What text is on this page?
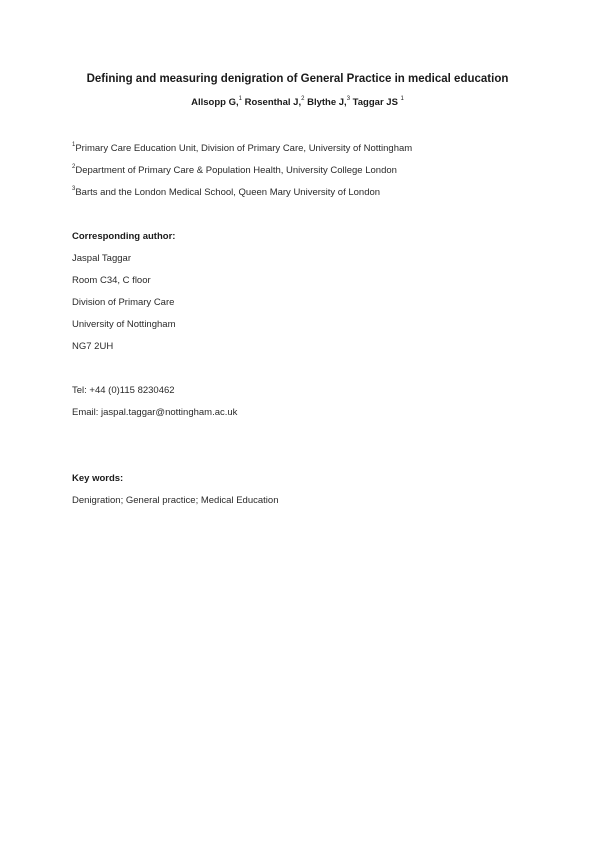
Defining and measuring denigration of General Practice in medical education
Allsopp G,$^1$ Rosenthal J,$^2$ Blythe J,$^3$ Taggar JS $^1$
$^1$Primary Care Education Unit, Division of Primary Care, University of Nottingham
$^2$Department of Primary Care & Population Health, University College London
$^3$Barts and the London Medical School, Queen Mary University of London
Corresponding author:
Jaspal Taggar
Room C34, C floor
Division of Primary Care
University of Nottingham
NG7 2UH
Tel: +44 (0)115 8230462
Email: jaspal.taggar@nottingham.ac.uk
Key words:
Denigration; General practice; Medical Education
